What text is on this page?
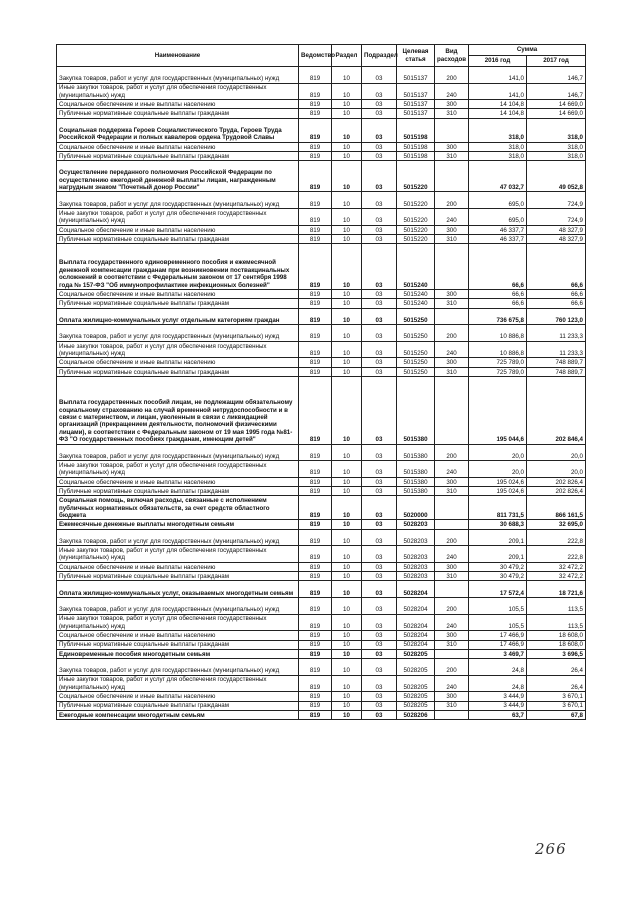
Наименование	Ведомство	Раздел	Подраздел	Целевая статья	Вид расходов	Сумма	
						2016 год	2017 год
Закупка товаров, работ и услуг для государственных (муниципальных) нужд	819	10	03	5015137	200	141,0	146,7
Иные закупки товаров, работ и услуг для обеспечения государственных (муниципальных) нужд	819	10	03	5015137	240	141,0	146,7
Социальное обеспечение и иные выплаты населению	819	10	03	5015137	300	14 104,8	14 669,0
Публичные нормативные социальные выплаты гражданам	819	10	03	5015137	310	14 104,8	14 669,0
Социальная поддержка Героев Социалистического Труда, Героев Труда Российской Федерации и полных кавалеров ордена Трудовой Славы	819	10	03	5015198		318,0	318,0
Социальное обеспечение и иные выплаты населению	819	10	03	5015198	300	318,0	318,0
Публичные нормативные социальные выплаты гражданам	819	10	03	5015198	310	318,0	318,0
Осуществление переданного полномочия Российской Федерации по осуществлению ежегодной денежной выплаты лицам, награжденным нагрудным знаком "Почетный донор России"	819	10	03	5015220		47 032,7	49 052,8
Закупка товаров, работ и услуг для государственных (муниципальных) нужд	819	10	03	5015220	200	695,0	724,9
Иные закупки товаров, работ и услуг для обеспечения государственных (муниципальных) нужд	819	10	03	5015220	240	695,0	724,9
Социальное обеспечение и иные выплаты населению	819	10	03	5015220	300	46 337,7	48 327,9
Публичные нормативные социальные выплаты гражданам	819	10	03	5015220	310	46 337,7	48 327,9
Выплата государственного единовременного пособия и ежемесячной денежной компенсации гражданам при возникновении поствакцинальных осложнений в соответствии с Федеральным законом от 17 сентября 1998 года № 157-ФЗ "Об иммунопрофилактике инфекционных болезней"	819	10	03	5015240		66,6	66,6
Социальное обеспечение и иные выплаты населению	819	10	03	5015240	300	66,6	66,6
Публичные нормативные социальные выплаты гражданам	819	10	03	5015240	310	66,6	66,6
Оплата жилищно-коммунальных услуг отдельным категориям граждан	819	10	03	5015250		736 675,8	760 123,0
Закупка товаров, работ и услуг для государственных (муниципальных) нужд	819	10	03	5015250	200	10 886,8	11 233,3
Иные закупки товаров, работ и услуг для обеспечения государственных (муниципальных) нужд	819	10	03	5015250	240	10 886,8	11 233,3
Социальное обеспечение и иные выплаты населению	819	10	03	5015250	300	725 789,0	748 889,7
Публичные нормативные социальные выплаты гражданам	819	10	03	5015250	310	725 789,0	748 889,7
Выплата государственных пособий лицам, не подлежащим обязательному социальному страхованию на случай временной нетрудоспособности и в связи с материнством, и лицам, уволенным в связи с ликвидацией организаций (прекращением деятельности, полномочий физическими лицами), в соответствии с Федеральным законом от 19 мая 1995 года №81-ФЗ "О государственных пособиях гражданам, имеющим детей"	819	10	03	5015380		195 044,6	202 846,4
Закупка товаров, работ и услуг для государственных (муниципальных) нужд	819	10	03	5015380	200	20,0	20,0
Иные закупки товаров, работ и услуг для обеспечения государственных (муниципальных) нужд	819	10	03	5015380	240	20,0	20,0
Социальное обеспечение и иные выплаты населению	819	10	03	5015380	300	195 024,6	202 826,4
Публичные нормативные социальные выплаты гражданам	819	10	03	5015380	310	195 024,6	202 826,4
Социальная помощь, включая расходы, связанные с исполнением публичных нормативных обязательств, за счет средств областного бюджета	819	10	03	5020000		811 731,5	866 161,5
Ежемесячные денежные выплаты многодетным семьям	819	10	03	5028203		30 688,3	32 695,0
Закупка товаров, работ и услуг для государственных (муниципальных) нужд	819	10	03	5028203	200	209,1	222,8
Иные закупки товаров, работ и услуг для обеспечения государственных (муниципальных) нужд	819	10	03	5028203	240	209,1	222,8
Социальное обеспечение и иные выплаты населению	819	10	03	5028203	300	30 479,2	32 472,2
Публичные нормативные социальные выплаты гражданам	819	10	03	5028203	310	30 479,2	32 472,2
Оплата жилищно-коммунальных услуг, оказываемых многодетным семьям	819	10	03	5028204		17 572,4	18 721,6
Закупка товаров, работ и услуг для государственных (муниципальных) нужд	819	10	03	5028204	200	105,5	113,5
Иные закупки товаров, работ и услуг для обеспечения государственных (муниципальных) нужд	819	10	03	5028204	240	105,5	113,5
Социальное обеспечение и иные выплаты населению	819	10	03	5028204	300	17 466,9	18 608,0
Публичные нормативные социальные выплаты гражданам	819	10	03	5028204	310	17 466,9	18 608,0
Единовременные пособия многодетным семьям	819	10	03	5028205		3 469,7	3 696,5
Закупка товаров, работ и услуг для государственных (муниципальных) нужд	819	10	03	5028205	200	24,8	26,4
Иные закупки товаров, работ и услуг для обеспечения государственных (муниципальных) нужд	819	10	03	5028205	240	24,8	26,4
Социальное обеспечение и иные выплаты населению	819	10	03	5028205	300	3 444,9	3 670,1
Публичные нормативные социальные выплаты гражданам	819	10	03	5028205	310	3 444,9	3 670,1
Ежегодные компенсации многодетным семьям	819	10	03	5028206		63,7	67,8
266
